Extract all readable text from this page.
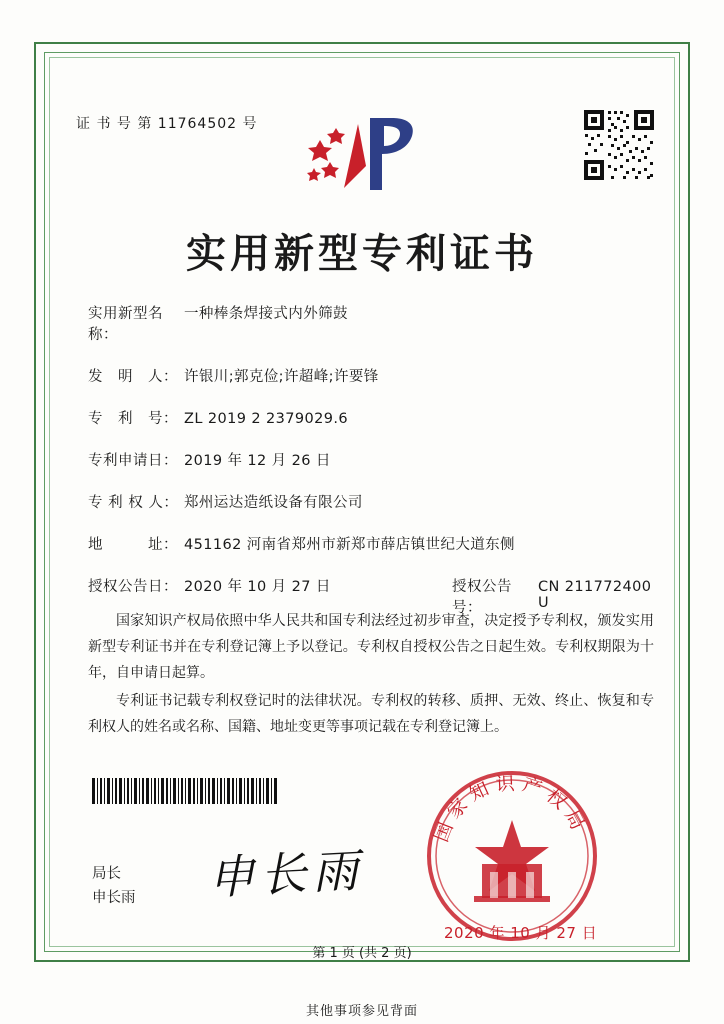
证 书 号 第 11764502 号
实用新型专利证书
实用新型名称：
一种棒条焊接式内外筛鼓
发　明　人： 许银川;郭克俭;许超峰;许要锋
专　利　号： ZL 2019 2 2379029.6
专利申请日： 2019 年 12 月 26 日
专 利 权 人： 郑州运达造纸设备有限公司
地　　　址： 451162 河南省郑州市新郑市薛店镇世纪大道东侧
授权公告日： 2020 年 10 月 27 日	授权公告号：
CN 211772400 U
国家知识产权局依照中华人民共和国专利法经过初步审查，决定授予专利权，颁发实用新型专利证书并在专利登记簿上予以登记。专利权自授权公告之日起生效。专利权期限为十年，自申请日起算。
专利证书记载专利权登记时的法律状况。专利权的转移、质押、无效、终止、恢复和专利权人的姓名或名称、国籍、地址变更等事项记载在专利登记簿上。
局长
申长雨 申长雨
国家知识产权局
2020 年 10 月 27 日
第 1 页 (共 2 页)
其他事项参见背面
